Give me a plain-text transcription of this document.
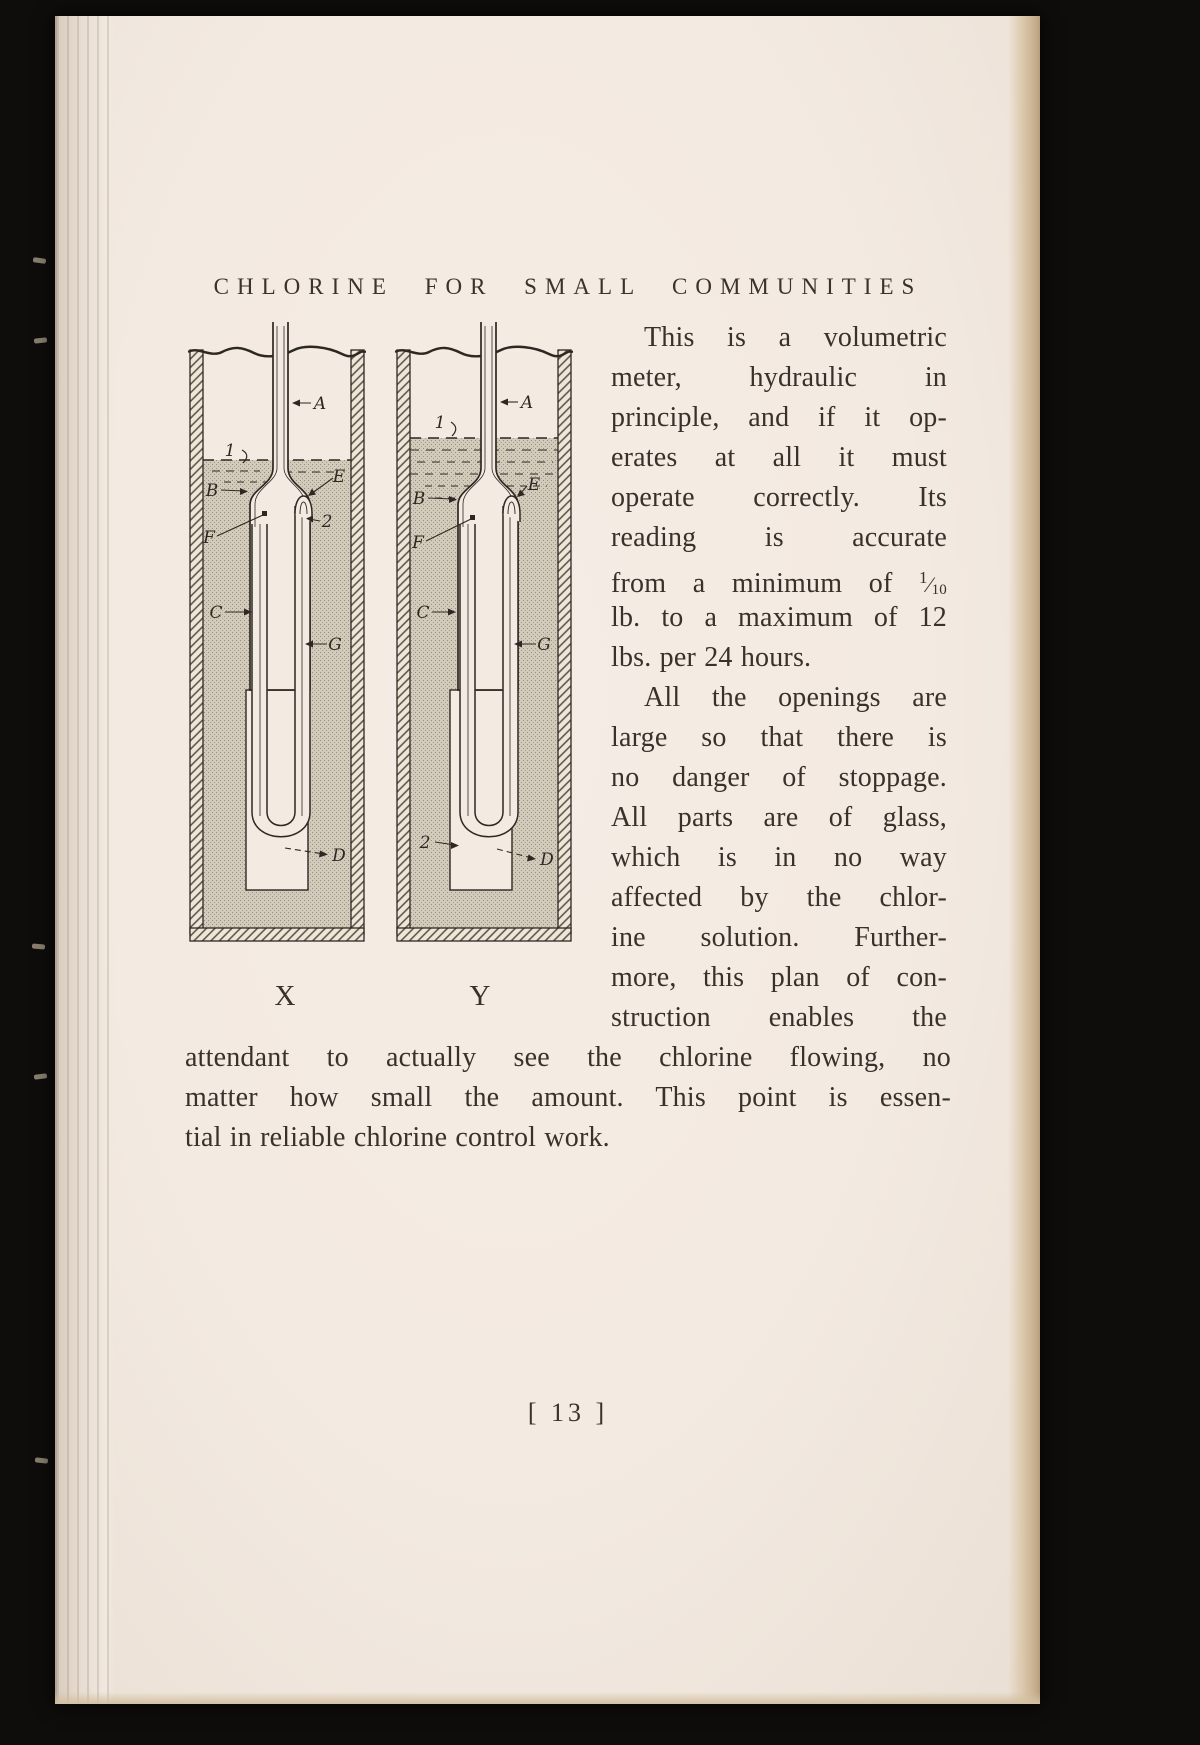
CHLORINE FOR SMALL COMMUNITIES
A
1
B
E
2
F
C
G
D
A
1
B
E
F
C
G
2
D
X	Y
This is a volumetric
meter, hydraulic in
principle, and if it op-
erates at all it must
operate correctly. Its
reading is accurate
from a minimum of $^1⁄_{10}$
lb. to a maximum of 12
lbs. per 24 hours.
All the openings are
large so that there is
no danger of stoppage.
All parts are of glass,
which is in no way
affected by the chlor-
ine solution. Further-
more, this plan of con-
struction enables the
attendant to actually see the chlorine flowing, no
matter how small the amount. This point is essen-
tial in reliable chlorine control work.
[ 13 ]
